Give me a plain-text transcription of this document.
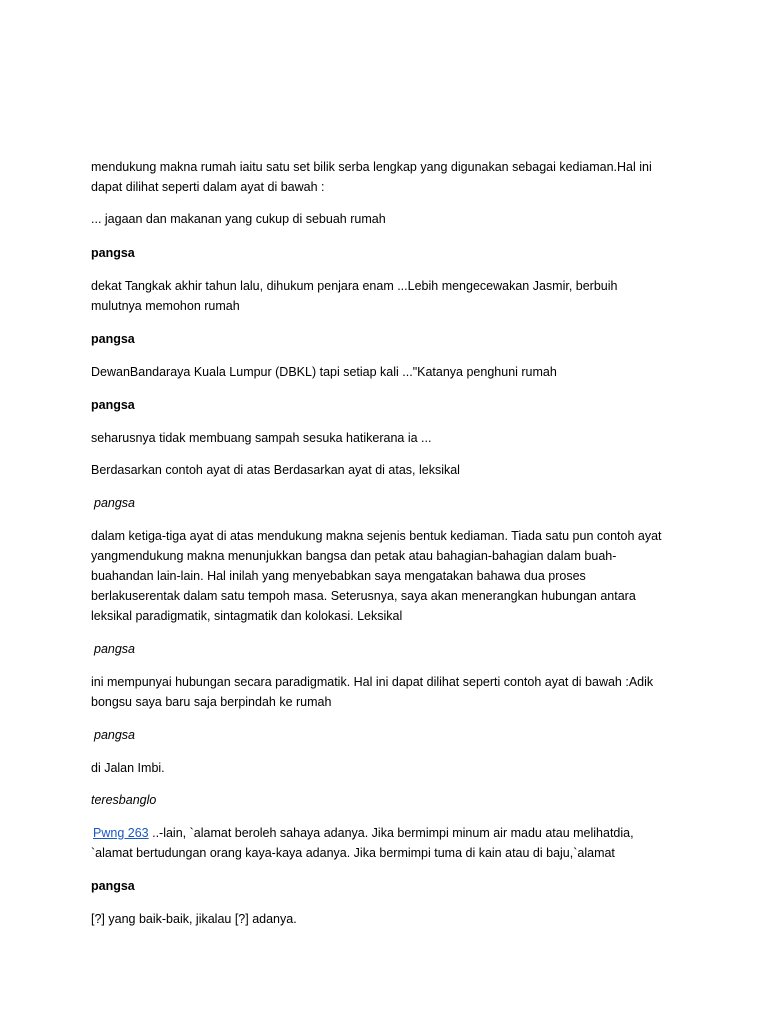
mendukung makna rumah iaitu satu set bilik serba lengkap yang digunakan sebagai kediaman.Hal ini
dapat dilihat seperti dalam ayat di bawah :

... jagaan dan makanan yang cukup di sebuah rumah

pangsa

dekat Tangkak akhir tahun lalu, dihukum penjara enam ...Lebih mengecewakan Jasmir, berbuih
mulutnya memohon rumah

pangsa

DewanBandaraya Kuala Lumpur (DBKL) tapi setiap kali ..."Katanya penghuni rumah

pangsa

seharusnya tidak membuang sampah sesuka hatikerana ia ...

Berdasarkan contoh ayat di atas Berdasarkan ayat di atas, leksikal

pangsa

dalam ketiga-tiga ayat di atas mendukung makna sejenis bentuk kediaman. Tiada satu pun contoh ayat
yangmendukung makna menunjukkan bangsa dan petak atau bahagian-bahagian dalam buah-
buahandan lain-lain. Hal inilah yang menyebabkan saya mengatakan bahawa dua proses
berlakuserentak dalam satu tempoh masa. Seterusnya, saya akan menerangkan hubungan antara
leksikal paradigmatik, sintagmatik dan kolokasi. Leksikal

pangsa

ini mempunyai hubungan secara paradigmatik. Hal ini dapat dilihat seperti contoh ayat di bawah :Adik
bongsu saya baru saja berpindah ke rumah

pangsa

di Jalan Imbi.

teresbanglo

Pwng 263 ..-lain, `alamat beroleh sahaya adanya. Jika bermimpi minum air madu atau melihatdia,
`alamat bertudungan orang kaya-kaya adanya. Jika bermimpi tuma di kain atau di baju,`alamat

pangsa

[?] yang baik-baik, jikalau [?] adanya.
